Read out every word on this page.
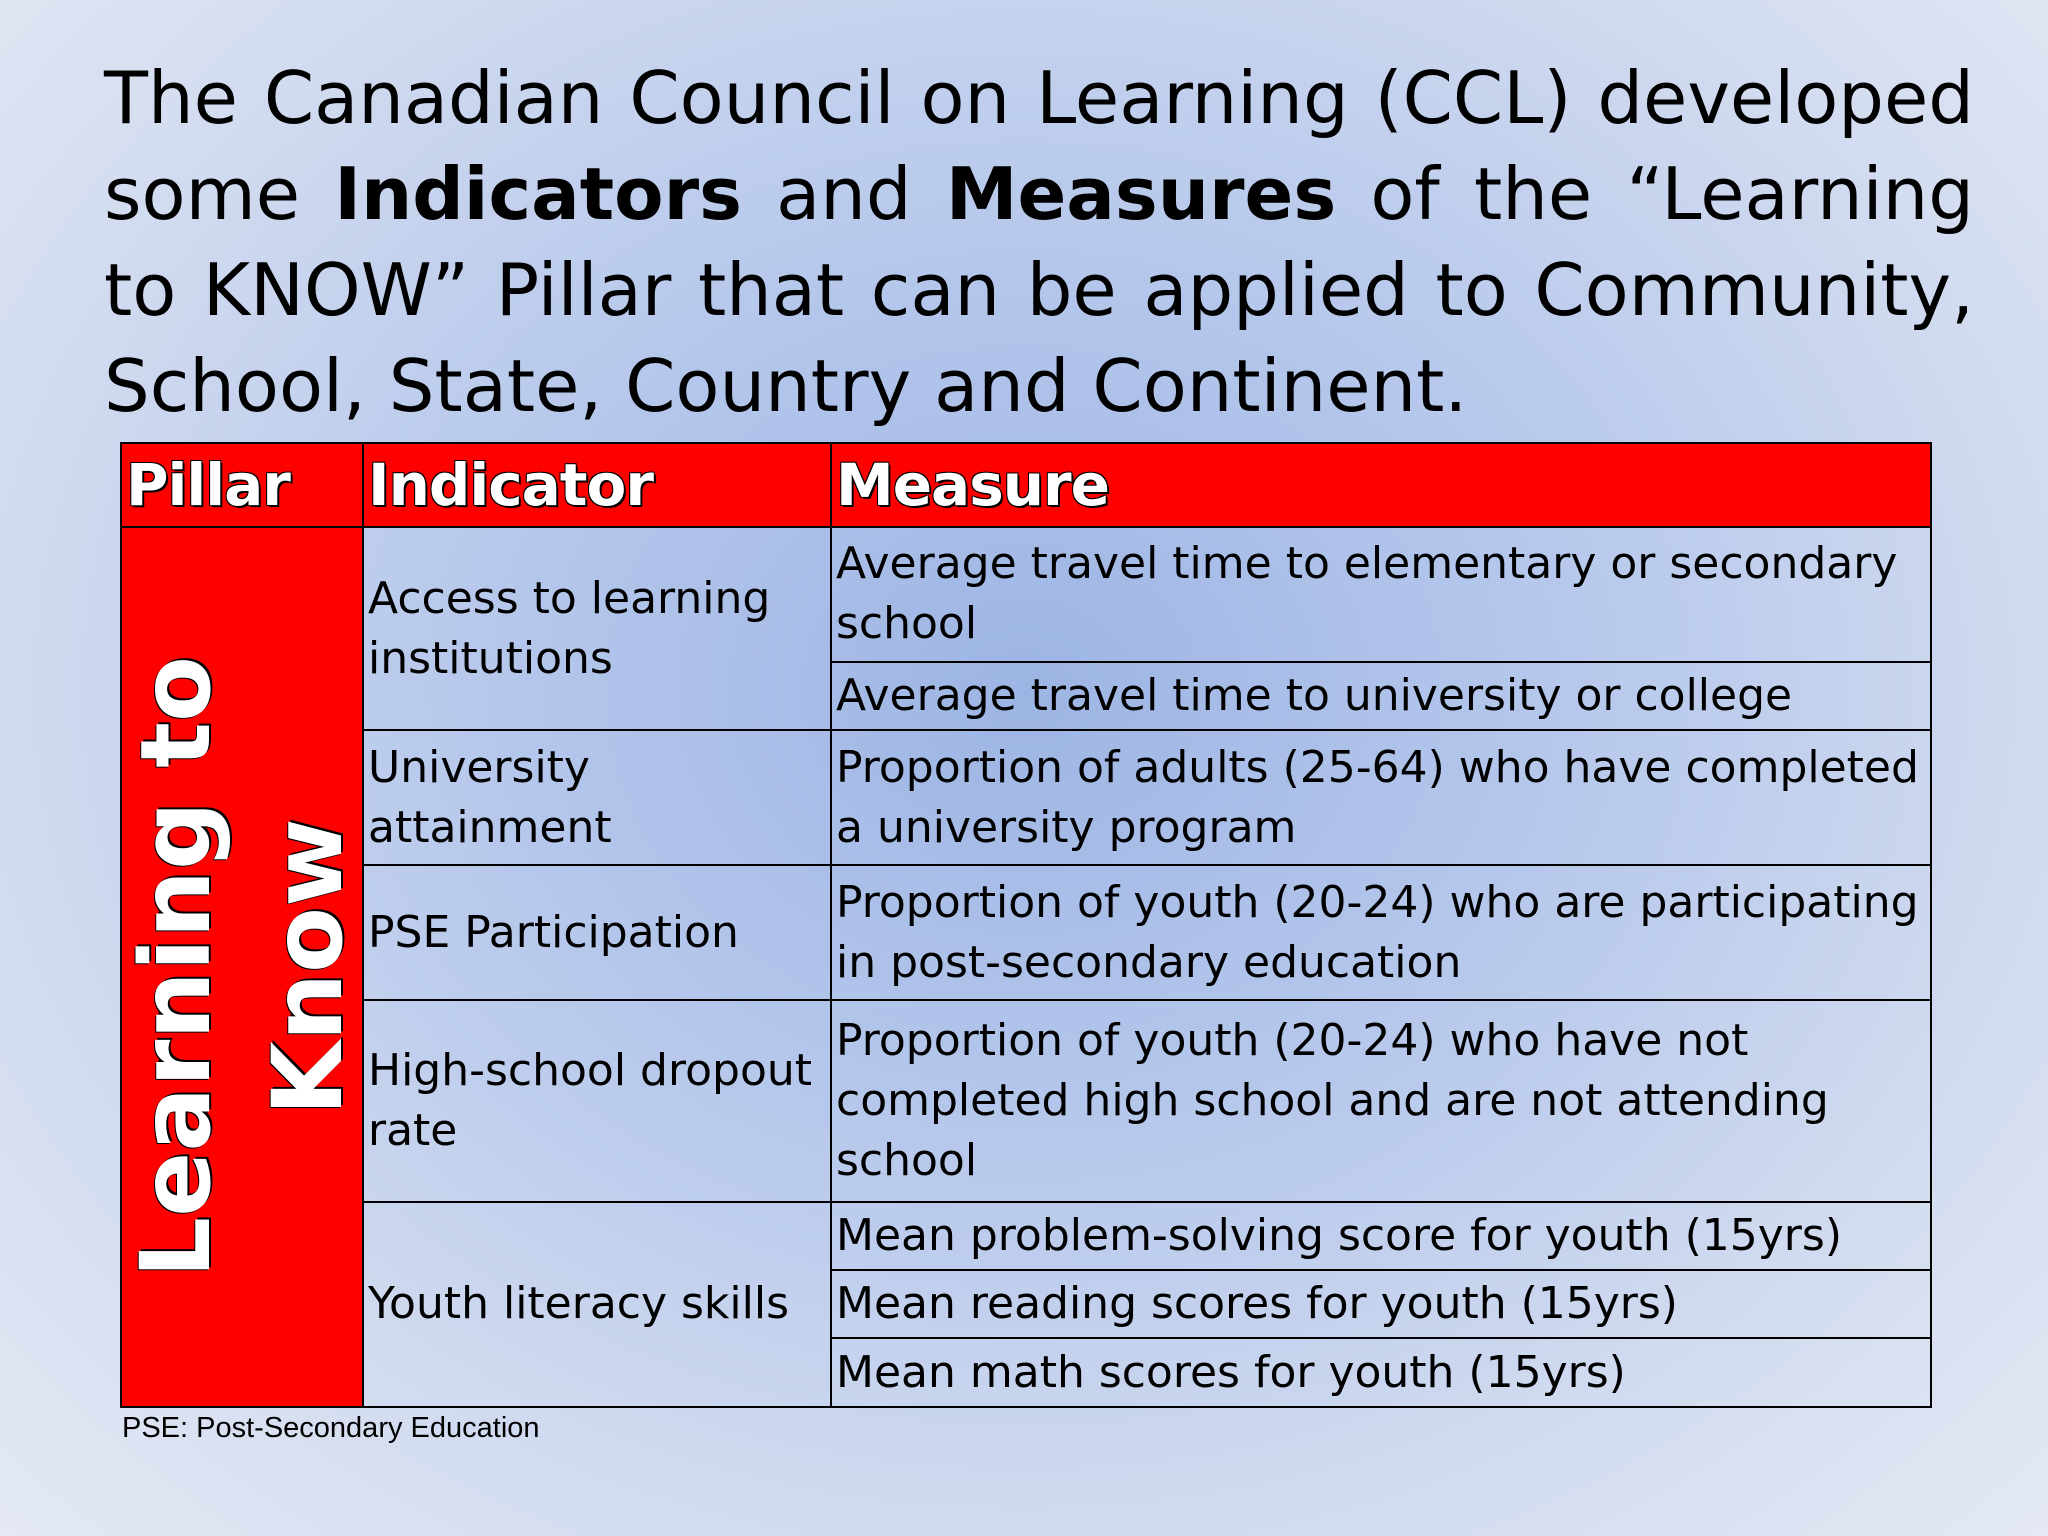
The Canadian Council on Learning (CCL) developed some Indicators and Measures of the “Learning to KNOW” Pillar that can be applied to Community, School, State, Country and Continent.

Pillar	Indicator	Measure

Learning to Know	Access to learning institutions	Average travel time to elementary or secondary school
		Average travel time to university or college
	University attainment	Proportion of adults (25-64) who have completed a university program
	PSE Participation	Proportion of youth (20-24) who are participating in post-secondary education
	High-school dropout rate	Proportion of youth (20-24) who have not completed high school and are not attending school
	Youth literacy skills	Mean problem-solving score for youth (15yrs)
		Mean reading scores for youth (15yrs)
		Mean math scores for youth (15yrs)

PSE: Post-Secondary Education
